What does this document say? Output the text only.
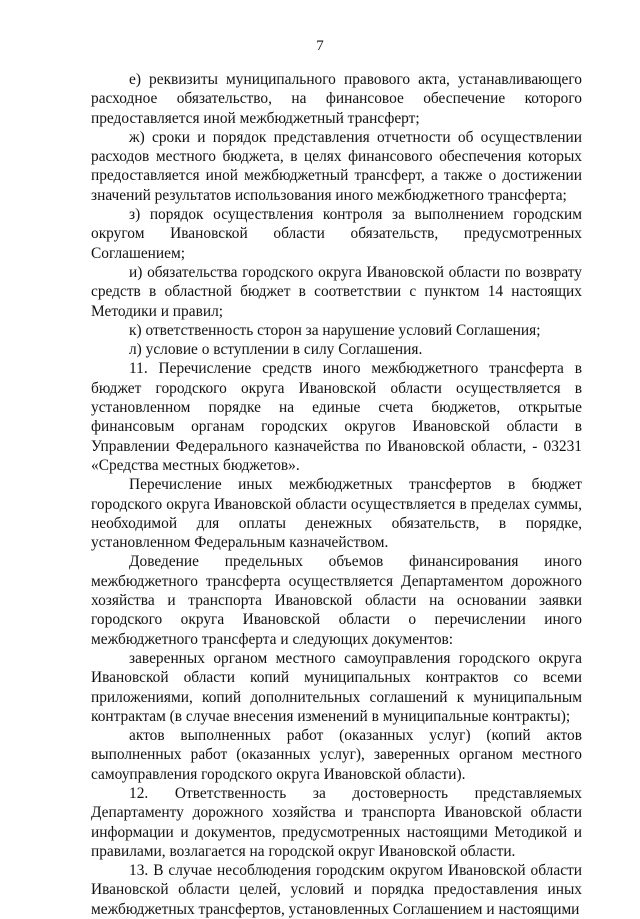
7

е) реквизиты муниципального правового акта, устанавливающего расходное обязательство, на финансовое обеспечение которого предоставляется иной межбюджетный трансферт;

ж) сроки и порядок представления отчетности об осуществлении расходов местного бюджета, в целях финансового обеспечения которых предоставляется иной межбюджетный трансферт, а также о достижении значений результатов использования иного межбюджетного трансферта;

з) порядок осуществления контроля за выполнением городским округом Ивановской области обязательств, предусмотренных Соглашением;

и) обязательства городского округа Ивановской области по возврату средств в областной бюджет в соответствии с пунктом 14 настоящих Методики и правил;

к) ответственность сторон за нарушение условий Соглашения;

л) условие о вступлении в силу Соглашения.

11. Перечисление средств иного межбюджетного трансферта в бюджет городского округа Ивановской области осуществляется в установленном порядке на единые счета бюджетов, открытые финансовым органам городских округов Ивановской области в Управлении Федерального казначейства по Ивановской области, - 03231 «Средства местных бюджетов».

Перечисление иных межбюджетных трансфертов в бюджет городского округа Ивановской области осуществляется в пределах суммы, необходимой для оплаты денежных обязательств, в порядке, установленном Федеральным казначейством.

Доведение предельных объемов финансирования иного межбюджетного трансферта осуществляется Департаментом дорожного хозяйства и транспорта Ивановской области на основании заявки городского округа Ивановской области о перечислении иного межбюджетного трансферта и следующих документов:

заверенных органом местного самоуправления городского округа Ивановской области копий муниципальных контрактов со всеми приложениями, копий дополнительных соглашений к муниципальным контрактам (в случае внесения изменений в муниципальные контракты);

актов выполненных работ (оказанных услуг) (копий актов выполненных работ (оказанных услуг), заверенных органом местного самоуправления городского округа Ивановской области).

12. Ответственность за достоверность представляемых Департаменту дорожного хозяйства и транспорта Ивановской области информации и документов, предусмотренных настоящими Методикой и правилами, возлагается на городской округ Ивановской области.

13. В случае несоблюдения городским округом Ивановской области Ивановской области целей, условий и порядка предоставления иных межбюджетных трансфертов, установленных Соглашением и настоящими
